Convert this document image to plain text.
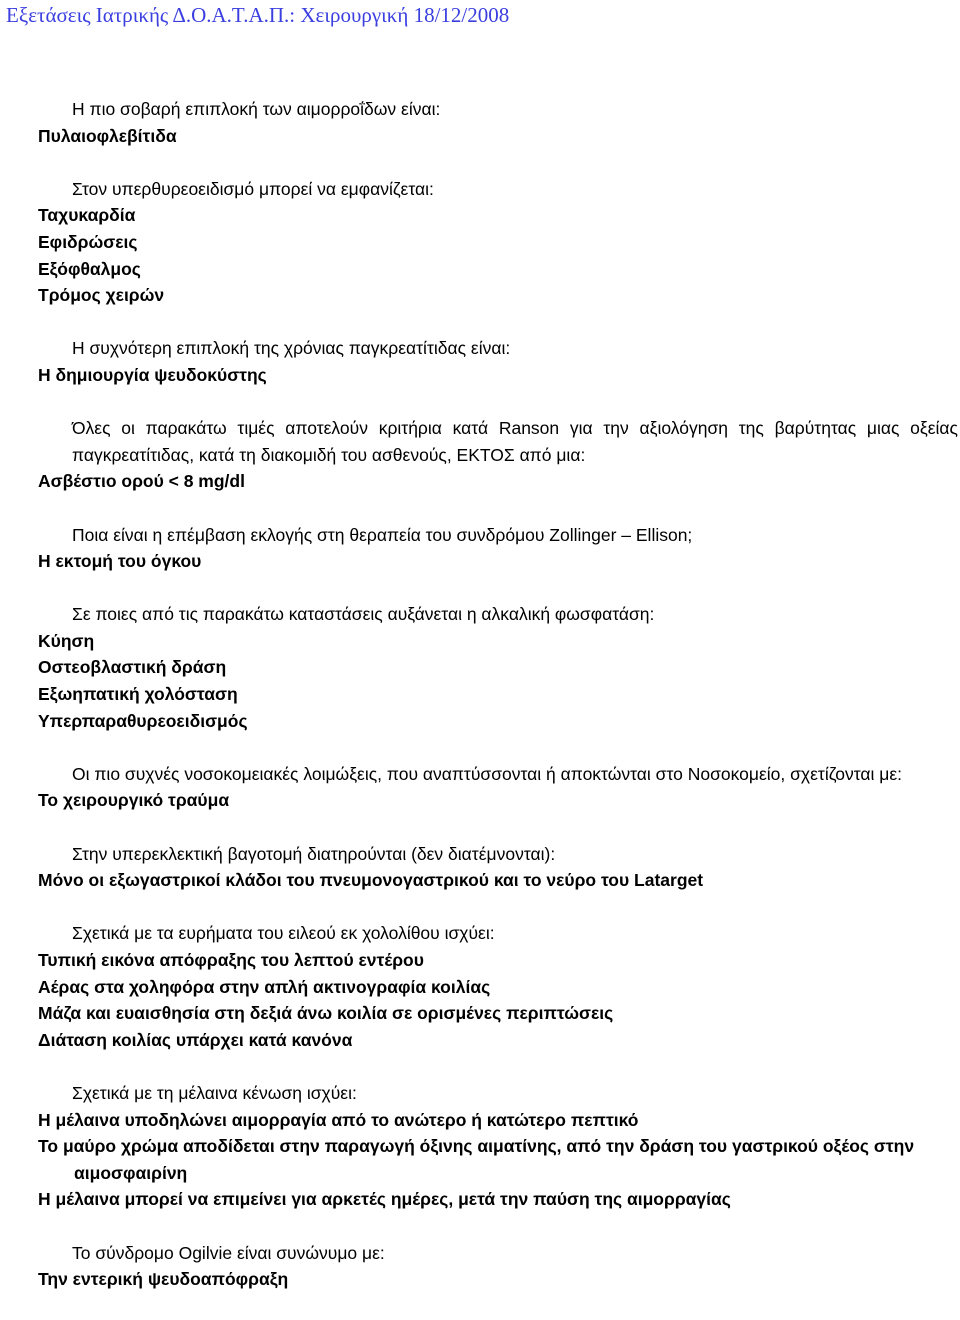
Εξετάσεις Ιατρικής Δ.Ο.Α.Τ.Α.Π.: Χειρουργική 18/12/2008
Η πιο σοβαρή επιπλοκή των αιμορροΐδων είναι:
Πυλαιοφλεβίτιδα
Στον υπερθυρεοειδισμό μπορεί να εμφανίζεται:
Ταχυκαρδία
Εφιδρώσεις
Εξόφθαλμος
Τρόμος χειρών
Η συχνότερη επιπλοκή της χρόνιας παγκρεατίτιδας είναι:
Η δημιουργία ψευδοκύστης
Όλες οι παρακάτω τιμές αποτελούν κριτήρια κατά Ranson για την αξιολόγηση της βαρύτητας μιας οξείας παγκρεατίτιδας, κατά τη διακομιδή του ασθενούς, ΕΚΤΟΣ από μια:
Ασβέστιο ορού < 8 mg/dl
Ποια είναι η επέμβαση εκλογής στη θεραπεία του συνδρόμου Zollinger – Ellison;
Η εκτομή του όγκου
Σε ποιες από τις παρακάτω καταστάσεις αυξάνεται η αλκαλική φωσφατάση:
Κύηση
Οστεοβλαστική δράση
Εξωηπατική χολόσταση
Υπερπαραθυρεοειδισμός
Οι πιο συχνές νοσοκομειακές λοιμώξεις, που αναπτύσσονται ή αποκτώνται στο Νοσοκομείο, σχετίζονται με:
Το χειρουργικό τραύμα
Στην υπερεκλεκτική βαγοτομή διατηρούνται (δεν διατέμνονται):
Μόνο οι εξωγαστρικοί κλάδοι του πνευμονογαστρικού και το νεύρο του Latarget
Σχετικά με τα ευρήματα του ειλεού εκ χολολίθου ισχύει:
Τυπική εικόνα απόφραξης του λεπτού εντέρου
Αέρας στα χοληφόρα στην απλή ακτινογραφία κοιλίας
Μάζα και ευαισθησία στη δεξιά άνω κοιλία σε ορισμένες περιπτώσεις
Διάταση κοιλίας υπάρχει κατά κανόνα
Σχετικά με τη μέλαινα κένωση ισχύει:
Η μέλαινα υποδηλώνει αιμορραγία από το ανώτερο ή κατώτερο πεπτικό
Το μαύρο χρώμα αποδίδεται στην παραγωγή όξινης αιματίνης, από την δράση του γαστρικού οξέος στην αιμοσφαιρίνη
Η μέλαινα μπορεί να επιμείνει για αρκετές ημέρες, μετά την παύση της αιμορραγίας
Το σύνδρομο Ogilvie είναι συνώνυμο με:
Την εντερική ψευδοαπόφραξη
